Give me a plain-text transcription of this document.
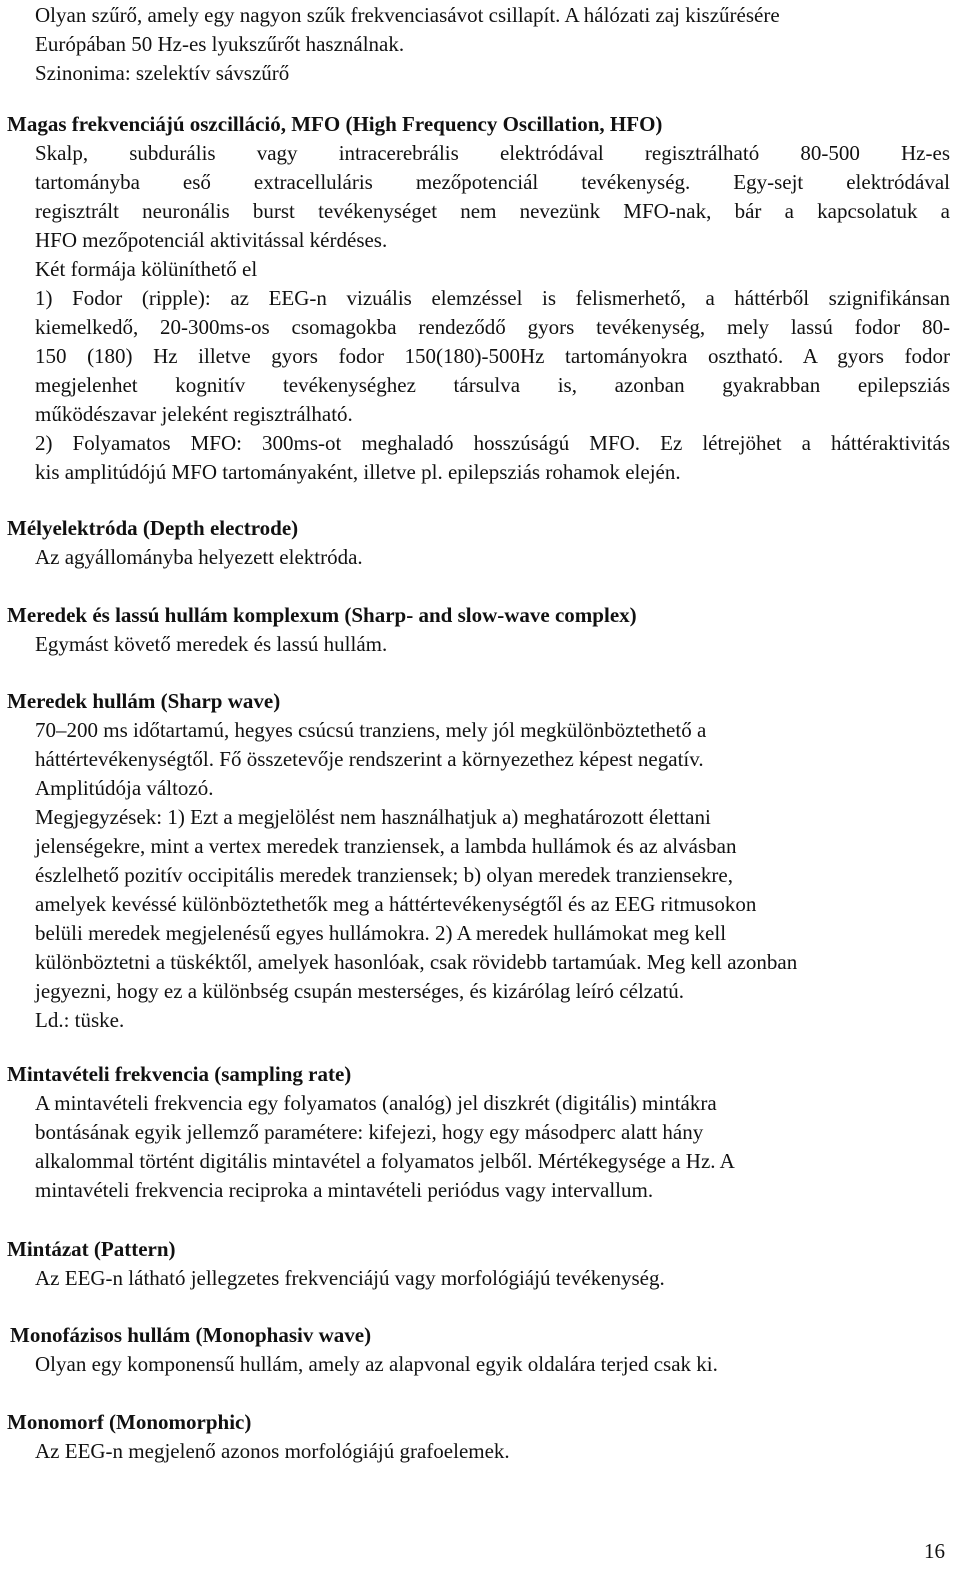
Olyan szűrő, amely egy nagyon szűk frekvenciasávot csillapít. A hálózati zaj kiszűrésére
Európában 50 Hz-es lyukszűrőt használnak.
Szinonima: szelektív sávszűrő
Magas frekvenciájú oszcilláció, MFO (High Frequency Oscillation, HFO)
Skalp, subdurális vagy intracerebrális elektródával regisztrálható 80-500 Hz-es
tartományba eső extracelluláris mezőpotenciál tevékenység. Egy-sejt elektródával
regisztrált neuronális burst tevékenységet nem nevezünk MFO-nak, bár a kapcsolatuk a
HFO mezőpotenciál aktivitással kérdéses.
Két formája kölüníthető el
1) Fodor (ripple): az EEG-n vizuális elemzéssel is felismerhető, a háttérből szignifikánsan
kiemelkedő, 20-300ms-os csomagokba rendeződő gyors tevékenység, mely lassú fodor 80-
150 (180) Hz illetve gyors fodor 150(180)-500Hz tartományokra osztható. A gyors fodor
megjelenhet kognitív tevékenységhez társulva is, azonban gyakrabban epilepsziás
működészavar jeleként regisztrálható.
2) Folyamatos MFO: 300ms-ot meghaladó hosszúságú MFO. Ez létrejöhet a háttéraktivitás
kis amplitúdójú MFO tartományaként, illetve pl. epilepsziás rohamok elején.
Mélyelektróda (Depth electrode)
Az agyállományba helyezett elektróda.
Meredek és lassú hullám komplexum (Sharp- and slow-wave complex)
Egymást követő meredek és lassú hullám.
Meredek hullám (Sharp wave)
70–200 ms időtartamú, hegyes csúcsú tranziens, mely jól megkülönböztethető a
háttértevékenységtől. Fő összetevője rendszerint a környezethez képest negatív.
Amplitúdója változó.
Megjegyzések: 1) Ezt a megjelölést nem használhatjuk a) meghatározott élettani
jelenségekre, mint a vertex meredek tranziensek, a lambda hullámok és az alvásban
észlelhető pozitív occipitális meredek tranziensek; b) olyan meredek tranziensekre,
amelyek kevéssé különböztethetők meg a háttértevékenységtől és az EEG ritmusokon
belüli meredek megjelenésű egyes hullámokra. 2) A meredek hullámokat meg kell
különböztetni a tüskéktől, amelyek hasonlóak, csak rövidebb tartamúak. Meg kell azonban
jegyezni, hogy ez a különbség csupán mesterséges, és kizárólag leíró célzatú.
Ld.: tüske.
Mintavételi frekvencia (sampling rate)
A mintavételi frekvencia egy folyamatos (analóg) jel diszkrét (digitális) mintákra
bontásának egyik jellemző paramétere: kifejezi, hogy egy másodperc alatt hány
alkalommal történt digitális mintavétel a folyamatos jelből. Mértékegysége a Hz. A
mintavételi frekvencia reciproka a mintavételi periódus vagy intervallum.
Mintázat (Pattern)
Az EEG-n látható jellegzetes frekvenciájú vagy morfológiájú tevékenység.
Monofázisos hullám (Monophasiv wave)
Olyan egy komponensű hullám, amely az alapvonal egyik oldalára terjed csak ki.
Monomorf (Monomorphic)
Az EEG-n megjelenő azonos morfológiájú grafoelemek.
16
